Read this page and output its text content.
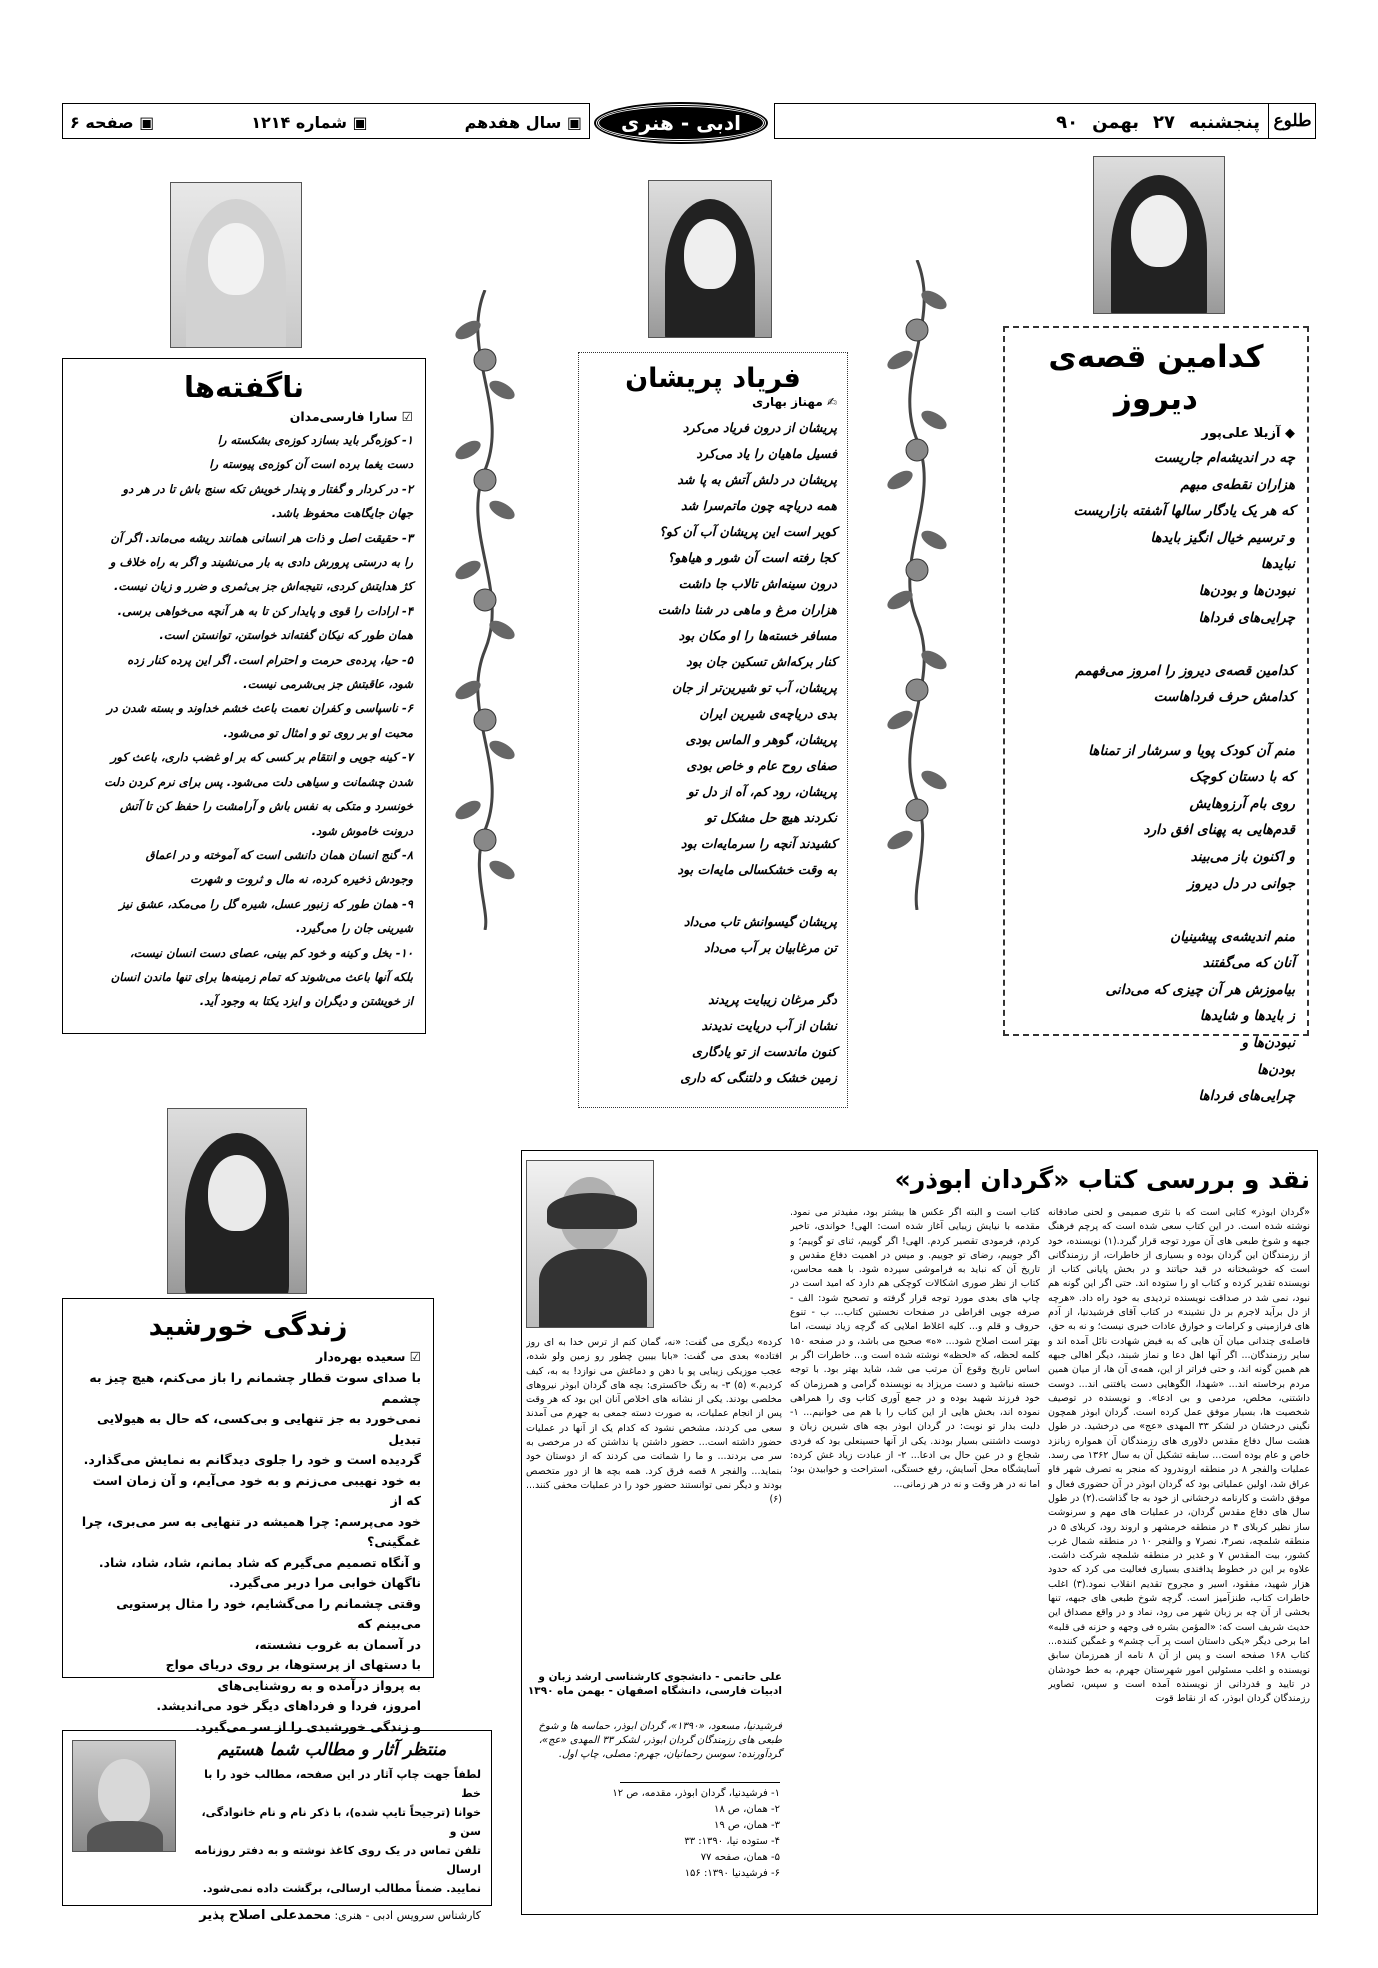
▣ سال هفدهم
▣ شماره ۱۲۱۴
▣ صفحه ۶	ادبی - هنری	پنجشنبه
۲۷
بهمن
۹۰	طلوع
کدامین قصه‌ی دیروز
◆ آزیلا علی‌پور

چه در اندیشه‌ام جاریست

هزاران نقطه‌ی مبهم

که هر یک یادگار سالها آشفته بازاریست

و ترسیم خیال انگیز بایدها

نبایدها

نبودن‌ها و بودن‌ها

چرایی‌های فرداها

کدامین قصه‌ی دیروز را امروز می‌فهمم

کدامش حرف فرداهاست

منم آن کودک پویا و سرشار از تمناها

که با دستان کوچک

روی بام آرزوهایش

قدم‌هایی به پهنای افق دارد

و اکنون باز می‌بیند

جوانی در دل دیروز

منم اندیشه‌ی پیشینیان

آنان که می‌گفتند

بیاموزش هر آن چیزی که می‌دانی

ز بایدها و شایدها

نبودن‌ها و

بودن‌ها

چرایی‌های فرداها

فریاد پریشان
✍ مهناز بهاری

پریشان از درون فریاد می‌کرد

فسیل ماهیان را یاد می‌کرد

پریشان در دلش آتش به پا شد

همه دریاچه چون ماتم‌سرا شد

کویر است این پریشان آب آن کو؟

کجا رفته است آن شور و هیاهو؟

درون سینه‌اش تالاب جا داشت

هزاران مرغ و ماهی در شنا داشت

مسافر خسته‌ها را او مکان بود

کنار برکه‌اش تسکین جان بود

پریشان، آب تو شیرین‌تر از جان

بدی دریاچه‌ی شیرین ایران

پریشان، گوهر و الماس بودی

صفای روح عام و خاص بودی

پریشان، رود کم، آه از دل تو

نکردند هیچ حل مشکل تو

کشیدند آنچه را سرمایه‌ات بود

به وقت خشکسالی مایه‌ات بود

پریشان گیسوانش تاب می‌داد

تن مرغابیان بر آب می‌داد

دگر مرغان زیبایت پریدند

نشان از آب دریایت ندیدند

کنون ماندست از تو یادگاری

زمین خشک و دلتنگی که داری

ناگفته‌ها
☑ سارا فارسی‌مدان

۱- کوزه‌گر باید بسازد کوزه‌ی بشکسته را

دست یغما برده است آن کوزه‌ی پیوسته را

۲- در کردار و گفتار و پندار خویش تکه سنج باش تا در هر دو

جهان جایگاهت محفوظ باشد.

۳- حقیقت اصل و ذات هر انسانی همانند ریشه می‌ماند. اگر آن

را به درستی پرورش دادی به بار می‌نشیند و اگر به راه خلاف و

کژ هدایتش کردی، نتیجه‌اش جز بی‌ثمری و ضرر و زیان نیست.

۴- ارادات را قوی و پایدار کن تا به هر آنچه می‌خواهی برسی.

همان طور که نیکان گفته‌اند خواستن، توانستن است.

۵- حیا، پرده‌ی حرمت و احترام است. اگر این پرده کنار زده

شود، عاقبتش جز بی‌شرمی نیست.

۶- ناسپاسی و کفران نعمت باعث خشم خداوند و بسته شدن در

محبت او بر روی تو و امثال تو می‌شود.

۷- کینه جویی و انتقام بر کسی که بر او غضب داری، باعث کور

شدن چشمانت و سیاهی دلت می‌شود. پس برای نرم کردن دلت

خونسرد و متکی به نفس باش و آرامشت را حفظ کن تا آتش

درونت خاموش شود.

۸- گنج انسان همان دانشی است که آموخته و در اعماق

وجودش ذخیره کرده، نه مال و ثروت و شهرت

۹- همان طور که زنبور عسل، شیره گل را می‌مکد، عشق نیز

شیرینی جان را می‌گیرد.

۱۰- بخل و کینه و خود کم بینی، عصای دست انسان نیست،

بلکه آنها باعث می‌شوند که تمام زمینه‌ها برای تنها ماندن انسان

از خویشتن و دیگران و ایزد یکتا به وجود آید.

زندگی خورشید
☑ سعیده بهره‌دار

با صدای سوت قطار چشمانم را باز می‌کنم، هیچ چیز به چشمم

نمی‌خورد به جز تنهایی و بی‌کسی، که حال به هیولایی تبدیل

گردیده است و خود را جلوی دیدگانم به نمایش می‌گذارد.

به خود نهیبی می‌زنم و به خود می‌آیم، و آن زمان است که از

خود می‌پرسم: چرا همیشه در تنهایی به سر می‌بری، چرا

غمگینی؟

و آنگاه تصمیم می‌گیرم که شاد بمانم، شاد، شاد، شاد.

ناگهان خوابی مرا دربر می‌گیرد.

وقتی چشمانم را می‌گشایم، خود را مثال پرستویی می‌بینم که

در آسمان به غروب نشسته،

با دستهای از پرستوها، بر روی دریای مواج

به پرواز درآمده و به روشنایی‌های

امروز، فردا و فرداهای دیگر خود می‌اندیشد.

و زندگی خورشیدی را از سر می‌گیرد.

منتظر آثار و مطالب شما هستیم

لطفاً جهت چاپ آثار در این صفحه، مطالب خود را با خط

خوانا (ترجیحاً تایپ شده)، با ذکر نام و نام خانوادگی، سن و

تلفن تماس در یک روی کاغذ نوشته و به دفتر روزنامه ارسال

نمایید. ضمناً مطالب ارسالی، برگشت داده نمی‌شود.

کارشناس سرویس ادبی - هنری: محمدعلی اصلاح پذیر
نقد و بررسی کتاب «گردان ابوذر»
«گردان ابوذر» کتابی است که با نثری صمیمی و لحنی صادقانه نوشته شده است. در این کتاب سعی شده است که پرچم فرهنگ جبهه و شوخ طبعی های آن مورد توجه قرار گیرد.(۱) نویسنده، خود از رزمندگان این گردان بوده و بسیاری از خاطرات، از رزمندگانی است که خوشبختانه در قید حیاتند و در بخش پایانی کتاب از نویسنده تقدیر کرده و کتاب او را ستوده اند. حتی اگر این گونه هم نبود، نمی شد در صداقت نویسنده تردیدی به خود راه داد. «هرچه از دل برآید لاجرم بر دل نشیند» در کتاب آقای فرشیدنیا، از آدم های فرازمینی و کرامات و خوارق عادات خبری نیست؛ و نه به حق، فاصله‌ی چندانی میان آن هایی که به فیض شهادت نائل آمده اند و سایر رزمندگان... اگر آنها اهل دعا و نماز شبند، دیگر اهالی جبهه هم همین گونه اند، و حتی فراتر از این، همه‌ی آن ها، از میان همین مردم برخاسته اند... «شهدا، الگوهایی دست یافتنی اند... دوست داشتنی، مخلص، مردمی و بی ادعا». و نویسنده در توصیف شخصیت ها، بسیار موفق عمل کرده است. گردان ابوذر همچون نگینی درخشان در لشکر ۳۳ المهدی «عج» می درخشید. در طول هشت سال دفاع مقدس دلاوری های رزمندگان آن همواره زبانزد خاص و عام بوده است... سابقه تشکیل آن به سال ۱۳۶۲ می رسد. عملیات والفجر ۸ در منطقه اروندرود که منجر به تصرف شهر فاو عراق شد، اولین عملیاتی بود که گردان ابوذر در آن حضوری فعال و موفق داشت و کارنامه درخشانی از خود به جا گذاشت.(۲) در طول سال های دفاع مقدس گردان، در عملیات های مهم و سرنوشت ساز نظیر کربلای ۴ در منطقه خرمشهر و اروند رود، کربلای ۵ در منطقه شلمچه، نصر۴، نصر۷ و والفجر ۱۰ در منطقه شمال غرب کشور، بیت المقدس ۷ و غدیر در منطقه شلمچه شرکت داشت. علاوه بر این در خطوط پدافندی بسیاری فعالیت می کرد که حدود هزار شهید، مفقود، اسیر و مجروح تقدیم انقلاب نمود.(۳) اغلب خاطرات کتاب، طنزآمیز است. گرچه شوخ طبعی های جبهه، تنها بخشی از آن چه بر زبان شهر می رود، نماد و در واقع مصداق این حدیث شریف است که: «المؤمن بشره فی وجهه و حزنه فی قلبه» اما برخی دیگر «یکی داستان است پر آب چشم» و غمگین کننده... کتاب ۱۶۸ صفحه است و پس از آن ۸ نامه از همرزمان سابق نویسنده و اغلب مسئولین امور شهرستان جهرم، به خط خودشان در تایید و قدردانی از نویسنده آمده است و سپس، تصاویر رزمندگان گردان ابوذر، که از نقاط قوت
کتاب است و البته اگر عکس ها بیشتر بود، مفیدتر می نمود. مقدمه با نیایش زیبایی آغاز شده است: الهی! خواندی، تاخیر کردم، فرمودی تقصیر کردم. الهی! اگر گوییم، ثنای تو گوییم؛ و اگر جوییم، رضای تو جوییم. و میس در اهمیت دفاع مقدس و تاریخ آن که نباید به فراموشی سپرده شود. با همه محاسن، کتاب از نظر صوری اشکالات کوچکی هم دارد که امید است در چاپ های بعدی مورد توجه قرار گرفته و تصحیح شود: الف - صرفه جویی افراطی در صفحات نخستین کتاب... ب - تنوع حروف و قلم و... کلیه اغلاط املایی که گرچه زیاد نیست، اما بهتر است اصلاح شود... «ه» صحیح می باشد، و در صفحه ۱۵۰ کلمه لحظه، که «لحظه» نوشته شده است و... خاطرات اگر بر اساس تاریخ وقوع آن مرتب می شد، شاید بهتر بود. با توجه خسته نباشید و دست مریزاد به نویسنده گرامی و همرزمان که خود فرزند شهید بوده و در جمع آوری کتاب وی را همراهی نموده اند، بخش هایی از این کتاب را با هم می خوانیم... ۱- دلبت بدار تو نوبت: در گردان ابوذر بچه های شیرین زبان و دوست داشتنی بسیار بودند. یکی از آنها حسینعلی بود که فردی شجاع و در عین حال بی ادعا... ۲- از عبادت زیاد غش کرده: آسایشگاه محل آسایش، رفع خستگی، استراحت و خوابیدن بود؛ اما نه در هر وقت و نه در هر زمانی...
کرده» دیگری می گفت: «نه، گمان کنم از ترس خدا به ای روز افتاده» بعدی می گفت: «بابا بیبین چطور رو زمین ولو شده، عجب موزیکی زیبایی پو با دهن و دماغش می نوازد! به به، کیف کردیم.» (۵) ۳- به رنگ خاکستری: بچه های گردان ابوذر نیروهای مخلصی بودند. یکی از نشانه های اخلاص آنان این بود که هر وقت پس از انجام عملیات، به صورت دسته جمعی به جهرم می آمدند سعی می کردند، مشخص نشود که کدام یک از آنها در عملیات حضور داشته است... حضور داشتن یا نداشتن که در مرخصی به سر می بردند... و ما را شماتت می کردند که از دوستان خود بنماید... والفجر ۸ قصه فرق کرد. همه بچه ها از دور متخصص بودند و دیگر نمی توانستند حضور خود را در عملیات مخفی کنند... (۶)
علی حاتمی - دانشجوی کارشناسی ارشد زبان و ادبیات فارسی، دانشگاه اصفهان - بهمن ماه ۱۳۹۰
فرشیدنیا، مسعود، «۱۳۹۰»، گردان ابوذر، حماسه ها و شوخ طبعی های رزمندگان گردان ابوذر، لشکر ۳۳ المهدی «عج»، گردآورنده: سوسن رحمانیان، جهرم: مصلی، چاپ اول.

۱- فرشیدنیا، گردان ابوذر، مقدمه، ص ۱۲

۲- همان، ص ۱۸

۳- همان، ص ۱۹

۴- ستوده نیا، ۱۳۹۰: ۳۳

۵- همان، صفحه ۷۷

۶- فرشیدنیا ۱۳۹۰: ۱۵۶
